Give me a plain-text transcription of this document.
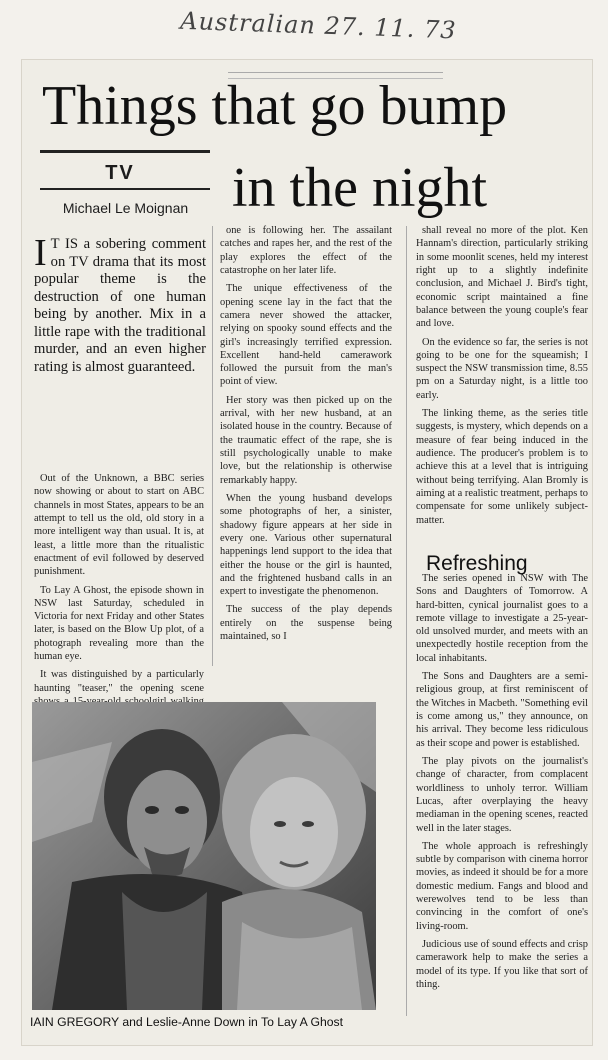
Australian 27. 11. 73
Things that go bump
in the night
TV
Michael Le Moignan
I T IS a sobering comment on TV drama that its most popular theme is the destruction of one human being by another. Mix in a little rape with the traditional murder, and an even higher rating is almost guaranteed.

Out of the Unknown, a BBC series now showing or about to start on ABC channels in most States, appears to be an attempt to tell us the old, old story in a more intelligent way than usual. It is, at least, a little more than the ritualistic enactment of evil followed by deserved punishment.

To Lay A Ghost, the episode shown in NSW last Saturday, scheduled in Victoria for next Friday and other States later, is based on the Blow Up plot, of a photograph revealing more than the human eye.

It was distinguished by a particularly haunting "teaser," the opening scene

one is following her. The assailant catches and rapes her, and the rest of the play explores the effect of the catastrophe on her later life.

The unique effectiveness of the opening scene lay in the fact that the camera never showed the attacker, relying on spooky sound effects and the girl's increasingly terrified expression. Excellent hand-held camerawork followed the pursuit from the man's point of view.

Her story was then picked up on the arrival, with her new husband, at an isolated house in the country. Because of the traumatic effect of the rape, she is still psychologically unable to make love, but the relationship is otherwise remarkably happy.

When the young husband develops some photographs of her, a sinister, shadowy figure appears at her side in every one. Various other supernatural happenings lend support to the idea that either the house or the girl is haunted, and the frightened husband calls in an expert to investigate the phenomenon.

The success of the play depends entirely on the suspense being maintained, so I

shall reveal no more of the plot. Ken Hannam's direction, particularly striking in some moonlit scenes, held my interest right up to a slightly indefinite conclusion, and Michael J. Bird's tight, economic script maintained a fine balance between the young couple's fear and love.

On the evidence so far, the series is not going to be one for the squeamish; I suspect the NSW transmission time, 8.55 pm on a Saturday night, is a little too early.

The linking theme, as the series title suggests, is mystery, which depends on a measure of fear being induced in the audience. The producer's problem is to achieve this at a level that is intriguing without being terrifying. Alan Bromly is aiming at a realistic treatment, perhaps to compensate for some unlikely subject-matter.

The series opened in NSW with The Sons and Daughters of Tomorrow. A hard-bitten, cynical journalist goes to a remote village to investigate a 25-year-old unsolved murder, and meets with an unexpectedly hostile reception from the local inhabitants.

The Sons and Daughters are a semi-religious group, at first reminiscent of the Witches in Macbeth. "Something evil is come among us," they announce, on his arrival. They become less ridiculous as their scope and power is established.

The play pivots on the journalist's change of character, from complacent worldliness to unholy terror. William Lucas, after overplaying the heavy mediaman in the opening scenes, reacted well in the later stages.

The whole approach is refreshingly subtle by comparison with cinema horror movies, as indeed it should be for a more domestic medium. Fangs and blood and werewolves tend to be less than convincing in the comfort of one's living-room.

Judicious use of sound effects and crisp camerawork help to make the series a model of its type. If you like that sort of thing.

Refreshing
IAIN GREGORY and Leslie-Anne Down in To Lay A Ghost
